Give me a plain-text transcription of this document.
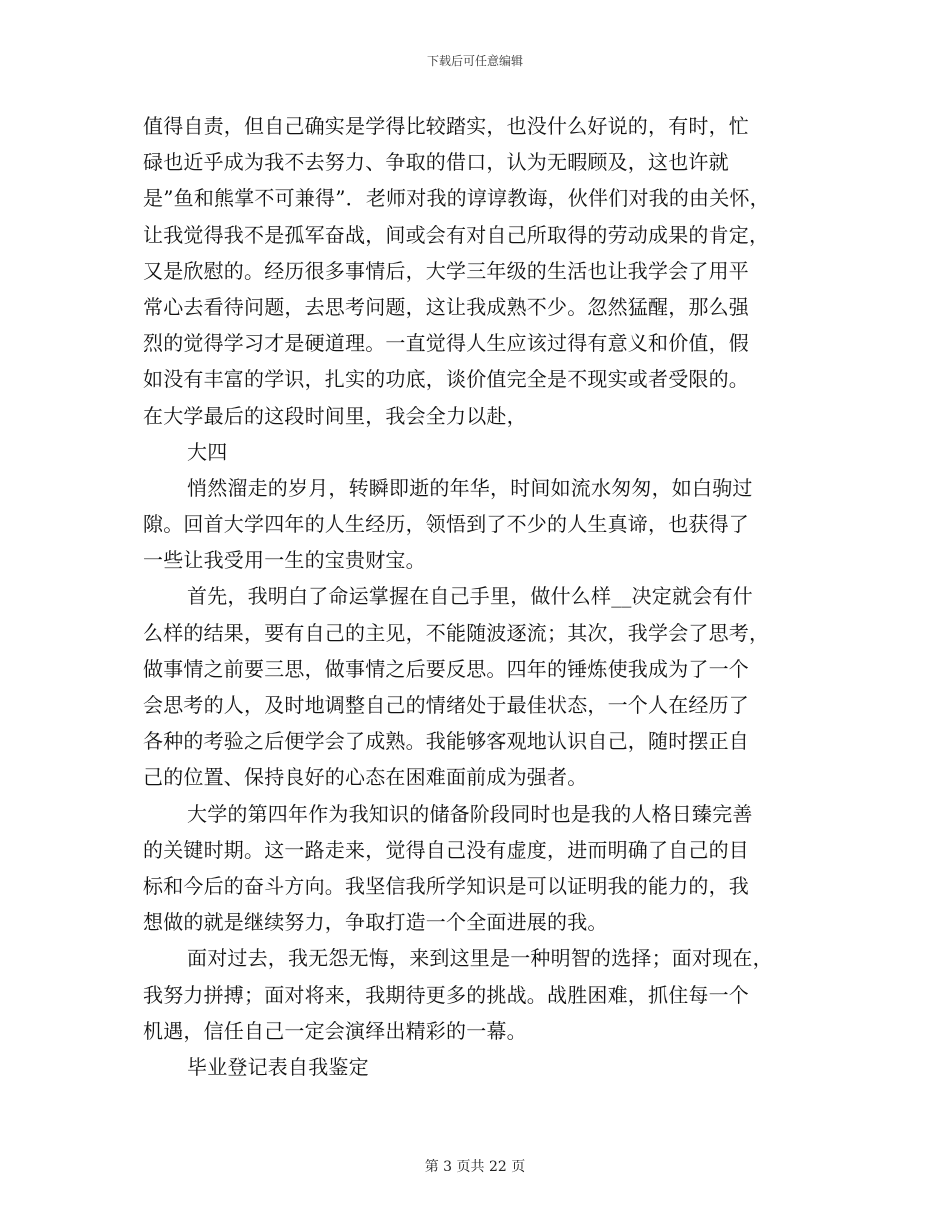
下载后可任意编辑
值得自责，但自己确实是学得比较踏实，也没什么好说的，有时，忙
碌也近乎成为我不去努力、争取的借口，认为无暇顾及，这也许就
是”鱼和熊掌不可兼得”．老师对我的谆谆教诲，伙伴们对我的由关怀，
让我觉得我不是孤军奋战，间或会有对自己所取得的劳动成果的肯定，
又是欣慰的。经历很多事情后，大学三年级的生活也让我学会了用平
常心去看待问题，去思考问题，这让我成熟不少。忽然猛醒，那么强
烈的觉得学习才是硬道理。一直觉得人生应该过得有意义和价值，假
如没有丰富的学识，扎实的功底，谈价值完全是不现实或者受限的。
在大学最后的这段时间里，我会全力以赴，
大四
悄然溜走的岁月，转瞬即逝的年华，时间如流水匆匆，如白驹过
隙。回首大学四年的人生经历，领悟到了不少的人生真谛，也获得了
一些让我受用一生的宝贵财宝。
首先，我明白了命运掌握在自己手里，做什么样__决定就会有什
么样的结果，要有自己的主见，不能随波逐流；其次，我学会了思考，
做事情之前要三思，做事情之后要反思。四年的锤炼使我成为了一个
会思考的人，及时地调整自己的情绪处于最佳状态，一个人在经历了
各种的考验之后便学会了成熟。我能够客观地认识自己，随时摆正自
己的位置、保持良好的心态在困难面前成为强者。
大学的第四年作为我知识的储备阶段同时也是我的人格日臻完善
的关键时期。这一路走来，觉得自己没有虚度，进而明确了自己的目
标和今后的奋斗方向。我坚信我所学知识是可以证明我的能力的，我
想做的就是继续努力，争取打造一个全面进展的我。
面对过去，我无怨无悔，来到这里是一种明智的选择；面对现在，
我努力拼搏；面对将来，我期待更多的挑战。战胜困难，抓住每一个
机遇，信任自己一定会演绎出精彩的一幕。
毕业登记表自我鉴定
第 3 页共 22 页
